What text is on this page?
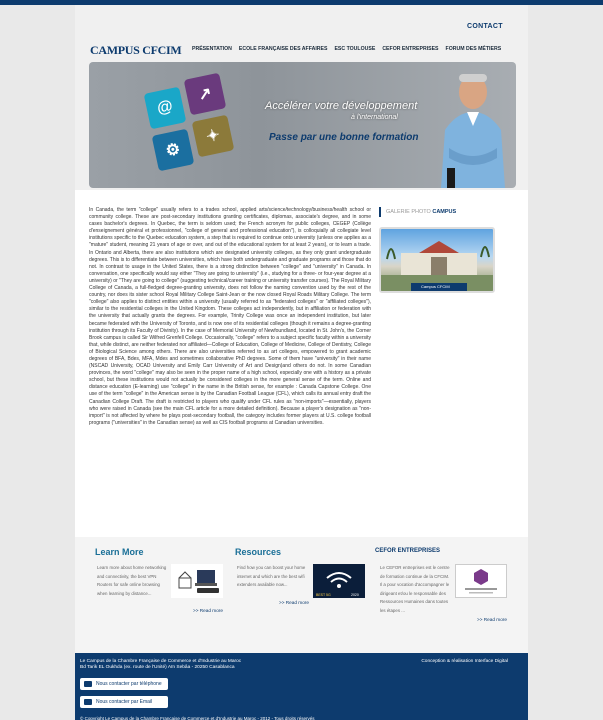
CONTACT
CAMPUS CFCIM PRÉSENTATION ECOLE FRANÇAISE DES AFFAIRES ESC TOULOUSE CEFOR ENTREPRISES FORUM DES MÉTIERS
@
↗
✦
⚙
Accélérer votre développement
à l'international
Passe par une bonne formation
In Canada, the term "college" usually refers to a trades school, applied arts/science/technology/business/health school or community college. These are post-secondary institutions granting certificates, diplomas, associate's degree, and in some cases bachelor's degrees. In Quebec, the term is seldom used; the French acronym for public colleges, CEGEP (Collège d'enseignement général et professionnel, "college of general and professional education"), is colloquially all collegiate level institutions specific to the Quebec education system, a step that is required to continue onto university (unless one applies as a "mature" student, meaning 21 years of age or over, and out of the educational system for at least 2 years), or to learn a trade. In Ontario and Alberta, there are also institutions which are designated university colleges, as they only grant undergraduate degrees. This is to differentiate between universities, which have both undergraduate and graduate programs and those that do not. In contrast to usage in the United States, there is a strong distinction between "college" and "university" in Canada. In conversation, one specifically would say either "They are going to university" (i.e., studying for a three- or four-year degree at a university) or "They are going to college" (suggesting technical/career training or university transfer courses). The Royal Military College of Canada, a full-fledged degree-granting university, does not follow the naming convention used by the rest of the country, nor does its sister school Royal Military College Saint-Jean or the now closed Royal Roads Military College. The term "college" also applies to distinct entities within a university (usually referred to as "federated colleges" or "affiliated colleges"), similar to the residential colleges in the United Kingdom. These colleges act independently, but in affiliation or federation with the university that actually grants the degrees. For example, Trinity College was once an independent institution, but later became federated with the University of Toronto, and is now one of its residential colleges (though it remains a degree-granting institution through its Faculty of Divinity). In the case of Memorial University of Newfoundland, located in St. John's, the Corner Brook campus is called Sir Wilfred Grenfell College. Occasionally, "college" refers to a subject specific faculty within a university that, while distinct, are neither federated nor affiliated—College of Education, College of Medicine, College of Dentistry, College of Biological Science among others. There are also universities referred to as art colleges, empowered to grant academic degrees of BFA, Bdes, MFA, Mdes and sometimes collaborative PhD degrees. Some of them have "university" in their name (NSCAD University, OCAD University and Emily Carr University of Art and Design)and others do not. In some Canadian provinces, the word "college" may also be seen in the proper name of a high school, especially one with a history as a private school, but these institutions would not actually be considered colleges in the more general sense of the term. Online and distance education (E-learning) use "college" in the name in the British sense, for example : Canada Capstone College. One use of the term "college" in the American sense is by the Canadian Football League (CFL), which calls its annual entry draft the Canadian College Draft. The draft is restricted to players who qualify under CFL rules as "non-imports"—essentially, players who were raised in Canada (see the main CFL article for a more detailed definition). Because a player's designation as "non-import" is not affected by where he plays post-secondary football, the category includes former players at U.S. college football programs ("universities" in the Canadian sense) as well as CIS football programs at Canadian universities.
GALERIE PHOTO CAMPUS
Campus CFCIM
Learn More
Learn more about home networking and connectivity, the best VPN Routers for safe online browsing when learning by distance...
>> Read more
Resources
Find how you can boost your home internet and which are the best wifi extenders available now...
BEST 5G	2020
>> Read more
CEFOR ENTREPRISES
Le CEFOR entreprises est le centre de formation continue de la CFCIM. Il a pour vocation d'accompagner le dirigeant et/ou le responsable des Ressources Humaines dans toutes les étapes ...
>> Read more
Le Campus de la Chambre Française de Commerce et d'Industrie au Maroc
Bd Tarik EL Oukhda (ex. route de l'Unité) Aïn Sebâa - 20250 Casablanca
Conception & réalisation Interface Digital
Nous contacter par téléphone
Nous contacter par Email
© Copyright Le Campus de la Chambre Française de Commerce et d'Industrie au Maroc - 2012 - Tous droits réservés
